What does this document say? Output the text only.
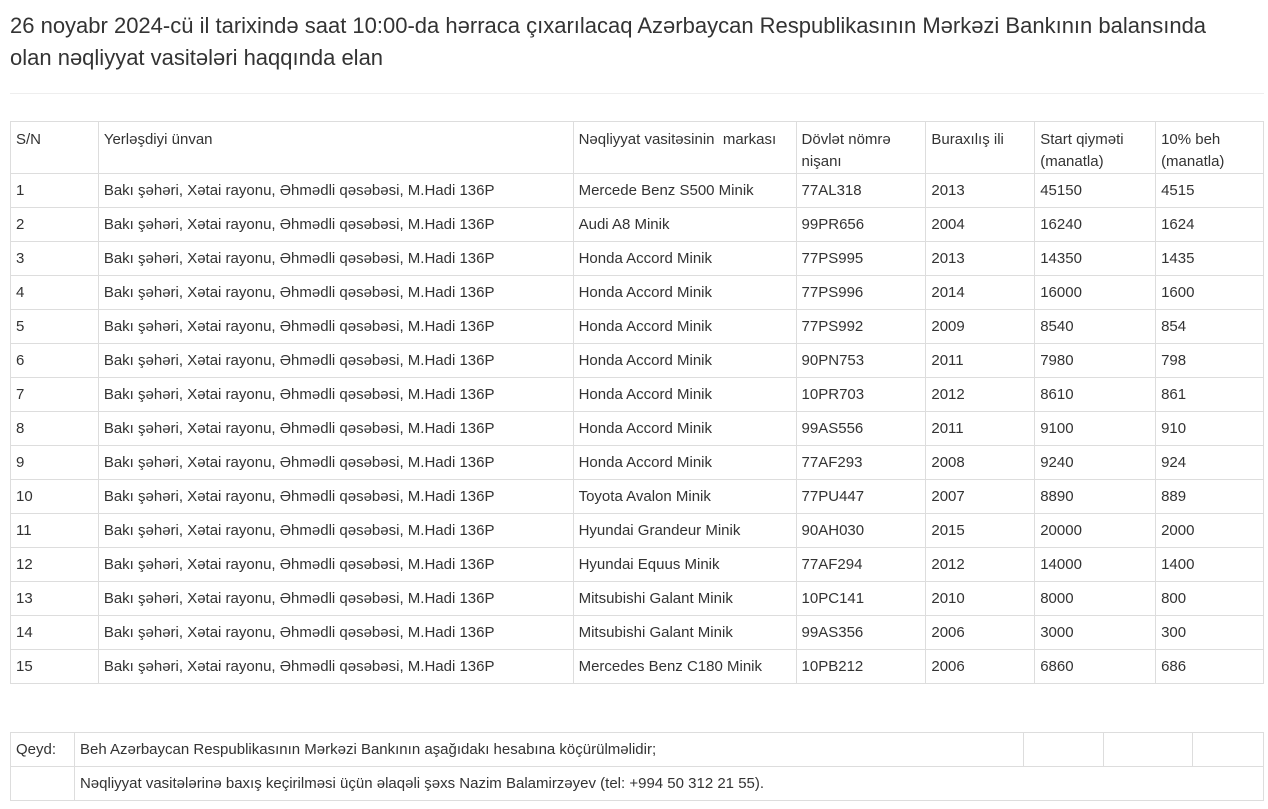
26 noyabr 2024-cü il tarixində saat 10:00-da hərraca çıxarılacaq Azərbaycan Respublikasının Mərkəzi Bankının balansında olan nəqliyyat vasitələri haqqında elan
S/N	Yerləşdiyi ünvan	Nəqliyyat vasitəsinin  markası	Dövlət nömrə nişanı	Buraxılış ili	Start qiymətі (manatla)	10% beh (manatla)
1	Bakı şəhəri, Xətai rayonu, Əhmədli qəsəbəsi, M.Hadi 136P	Mercede Benz S500 Minik	77AL318	2013	45150	4515
2	Bakı şəhəri, Xətai rayonu, Əhmədli qəsəbəsi, M.Hadi 136P	Audi A8 Minik	99PR656	2004	16240	1624
3	Bakı şəhəri, Xətai rayonu, Əhmədli qəsəbəsi, M.Hadi 136P	Honda Accord Minik	77PS995	2013	14350	1435
4	Bakı şəhəri, Xətai rayonu, Əhmədli qəsəbəsi, M.Hadi 136P	Honda Accord Minik	77PS996	2014	16000	1600
5	Bakı şəhəri, Xətai rayonu, Əhmədli qəsəbəsi, M.Hadi 136P	Honda Accord Minik	77PS992	2009	8540	854
6	Bakı şəhəri, Xətai rayonu, Əhmədli qəsəbəsi, M.Hadi 136P	Honda Accord Minik	90PN753	2011	7980	798
7	Bakı şəhəri, Xətai rayonu, Əhmədli qəsəbəsi, M.Hadi 136P	Honda Accord Minik	10PR703	2012	8610	861
8	Bakı şəhəri, Xətai rayonu, Əhmədli qəsəbəsi, M.Hadi 136P	Honda Accord Minik	99AS556	2011	9100	910
9	Bakı şəhəri, Xətai rayonu, Əhmədli qəsəbəsi, M.Hadi 136P	Honda Accord Minik	77AF293	2008	9240	924
10	Bakı şəhəri, Xətai rayonu, Əhmədli qəsəbəsi, M.Hadi 136P	Toyota Avalon Minik	77PU447	2007	8890	889
11	Bakı şəhəri, Xətai rayonu, Əhmədli qəsəbəsi, M.Hadi 136P	Hyundai Grandeur Minik	90AH030	2015	20000	2000
12	Bakı şəhəri, Xətai rayonu, Əhmədli qəsəbəsi, M.Hadi 136P	Hyundai Equus Minik	77AF294	2012	14000	1400
13	Bakı şəhəri, Xətai rayonu, Əhmədli qəsəbəsi, M.Hadi 136P	Mitsubishi Galant Minik	10PC141	2010	8000	800
14	Bakı şəhəri, Xətai rayonu, Əhmədli qəsəbəsi, M.Hadi 136P	Mitsubishi Galant Minik	99AS356	2006	3000	300
15	Bakı şəhəri, Xətai rayonu, Əhmədli qəsəbəsi, M.Hadi 136P	Mercedes Benz C180 Minik	10PB212	2006	6860	686
Qeyd:	Beh Azərbaycan Respublikasının Mərkəzi Bankının aşağıdakı hesabına köçürülməlidir;			
	Nəqliyyat vasitələrinə baxış keçirilməsi üçün əlaqəli şəxs Nazim Balamirzəyev (tel: +994 50 312 21 55).			
